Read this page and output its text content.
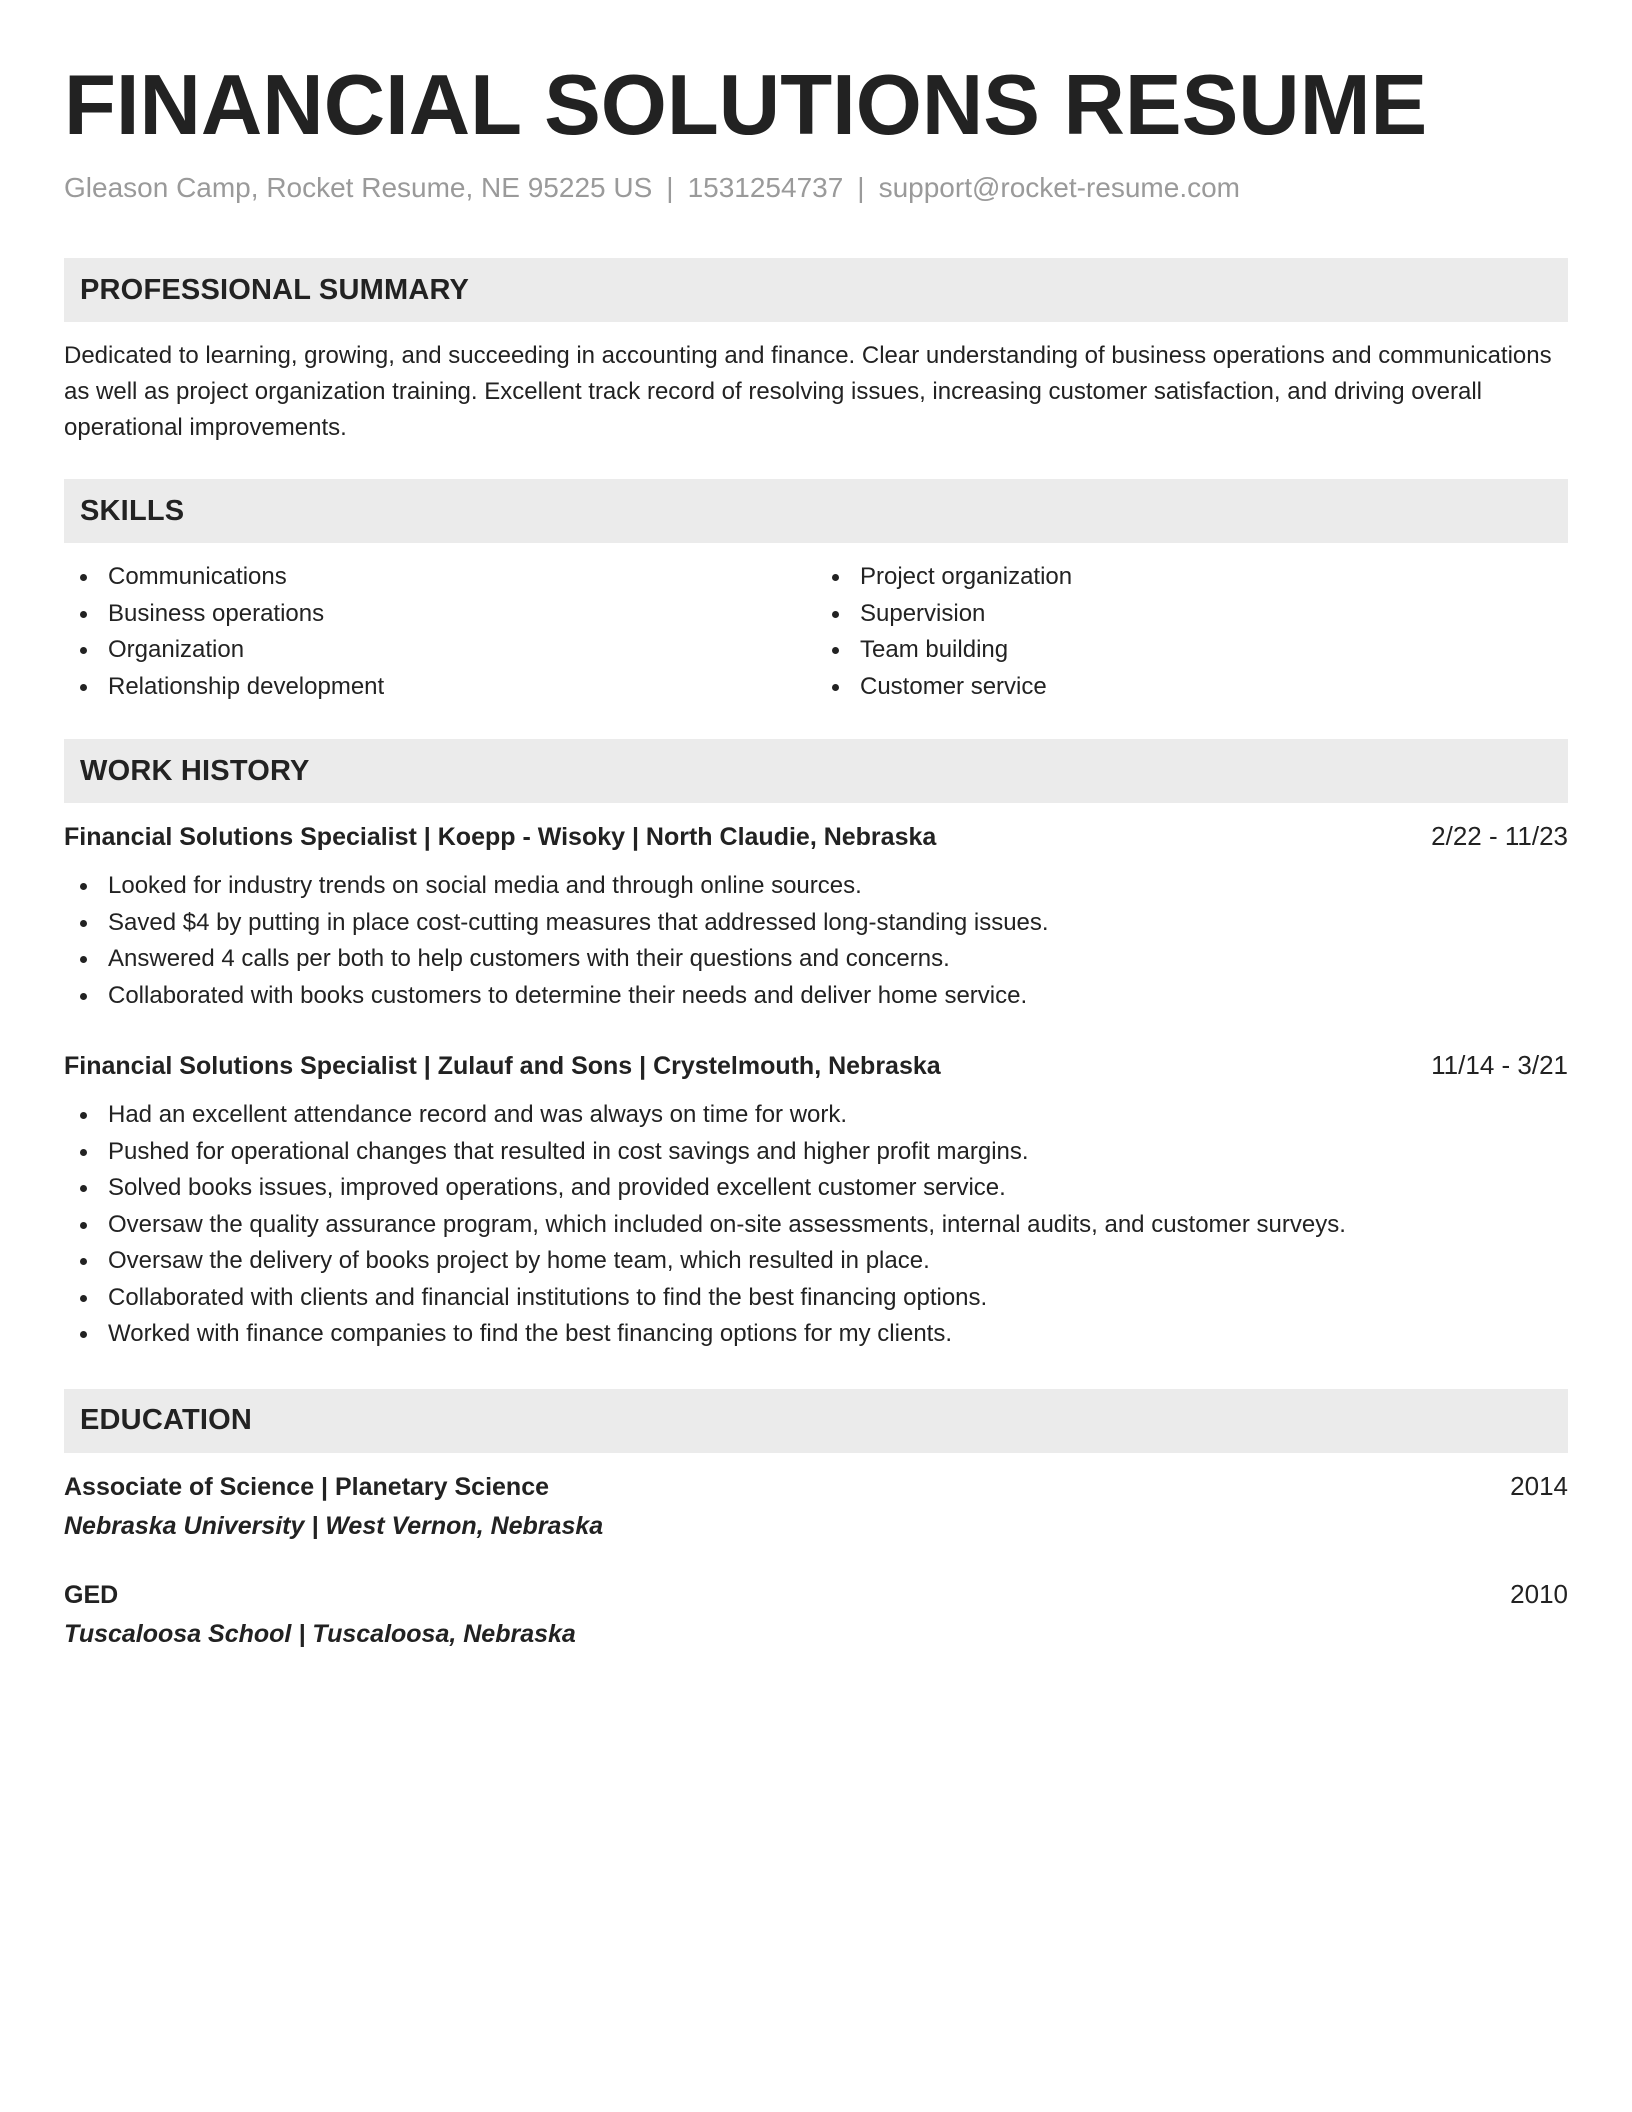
FINANCIAL SOLUTIONS RESUME
Gleason Camp, Rocket Resume, NE 95225 US | 1531254737 | support@rocket-resume.com
PROFESSIONAL SUMMARY

Dedicated to learning, growing, and succeeding in accounting and finance. Clear understanding of business operations and communications as well as project organization training. Excellent track record of resolving issues, increasing customer satisfaction, and driving overall operational improvements.

SKILLS
Communications
Business operations
Organization
Relationship development
Project organization
Supervision
Team building
Customer service
WORK HISTORY
Financial Solutions Specialist | Koepp - Wisoky | North Claudie, Nebraska	2/22 - 11/23
Looked for industry trends on social media and through online sources.
Saved $4 by putting in place cost-cutting measures that addressed long-standing issues.
Answered 4 calls per both to help customers with their questions and concerns.
Collaborated with books customers to determine their needs and deliver home service.
Financial Solutions Specialist | Zulauf and Sons | Crystelmouth, Nebraska	11/14 - 3/21
Had an excellent attendance record and was always on time for work.
Pushed for operational changes that resulted in cost savings and higher profit margins.
Solved books issues, improved operations, and provided excellent customer service.
Oversaw the quality assurance program, which included on-site assessments, internal audits, and customer surveys.
Oversaw the delivery of books project by home team, which resulted in place.
Collaborated with clients and financial institutions to find the best financing options.
Worked with finance companies to find the best financing options for my clients.
EDUCATION
Associate of Science | Planetary Science	2014
Nebraska University | West Vernon, Nebraska
GED	2010
Tuscaloosa School | Tuscaloosa, Nebraska
